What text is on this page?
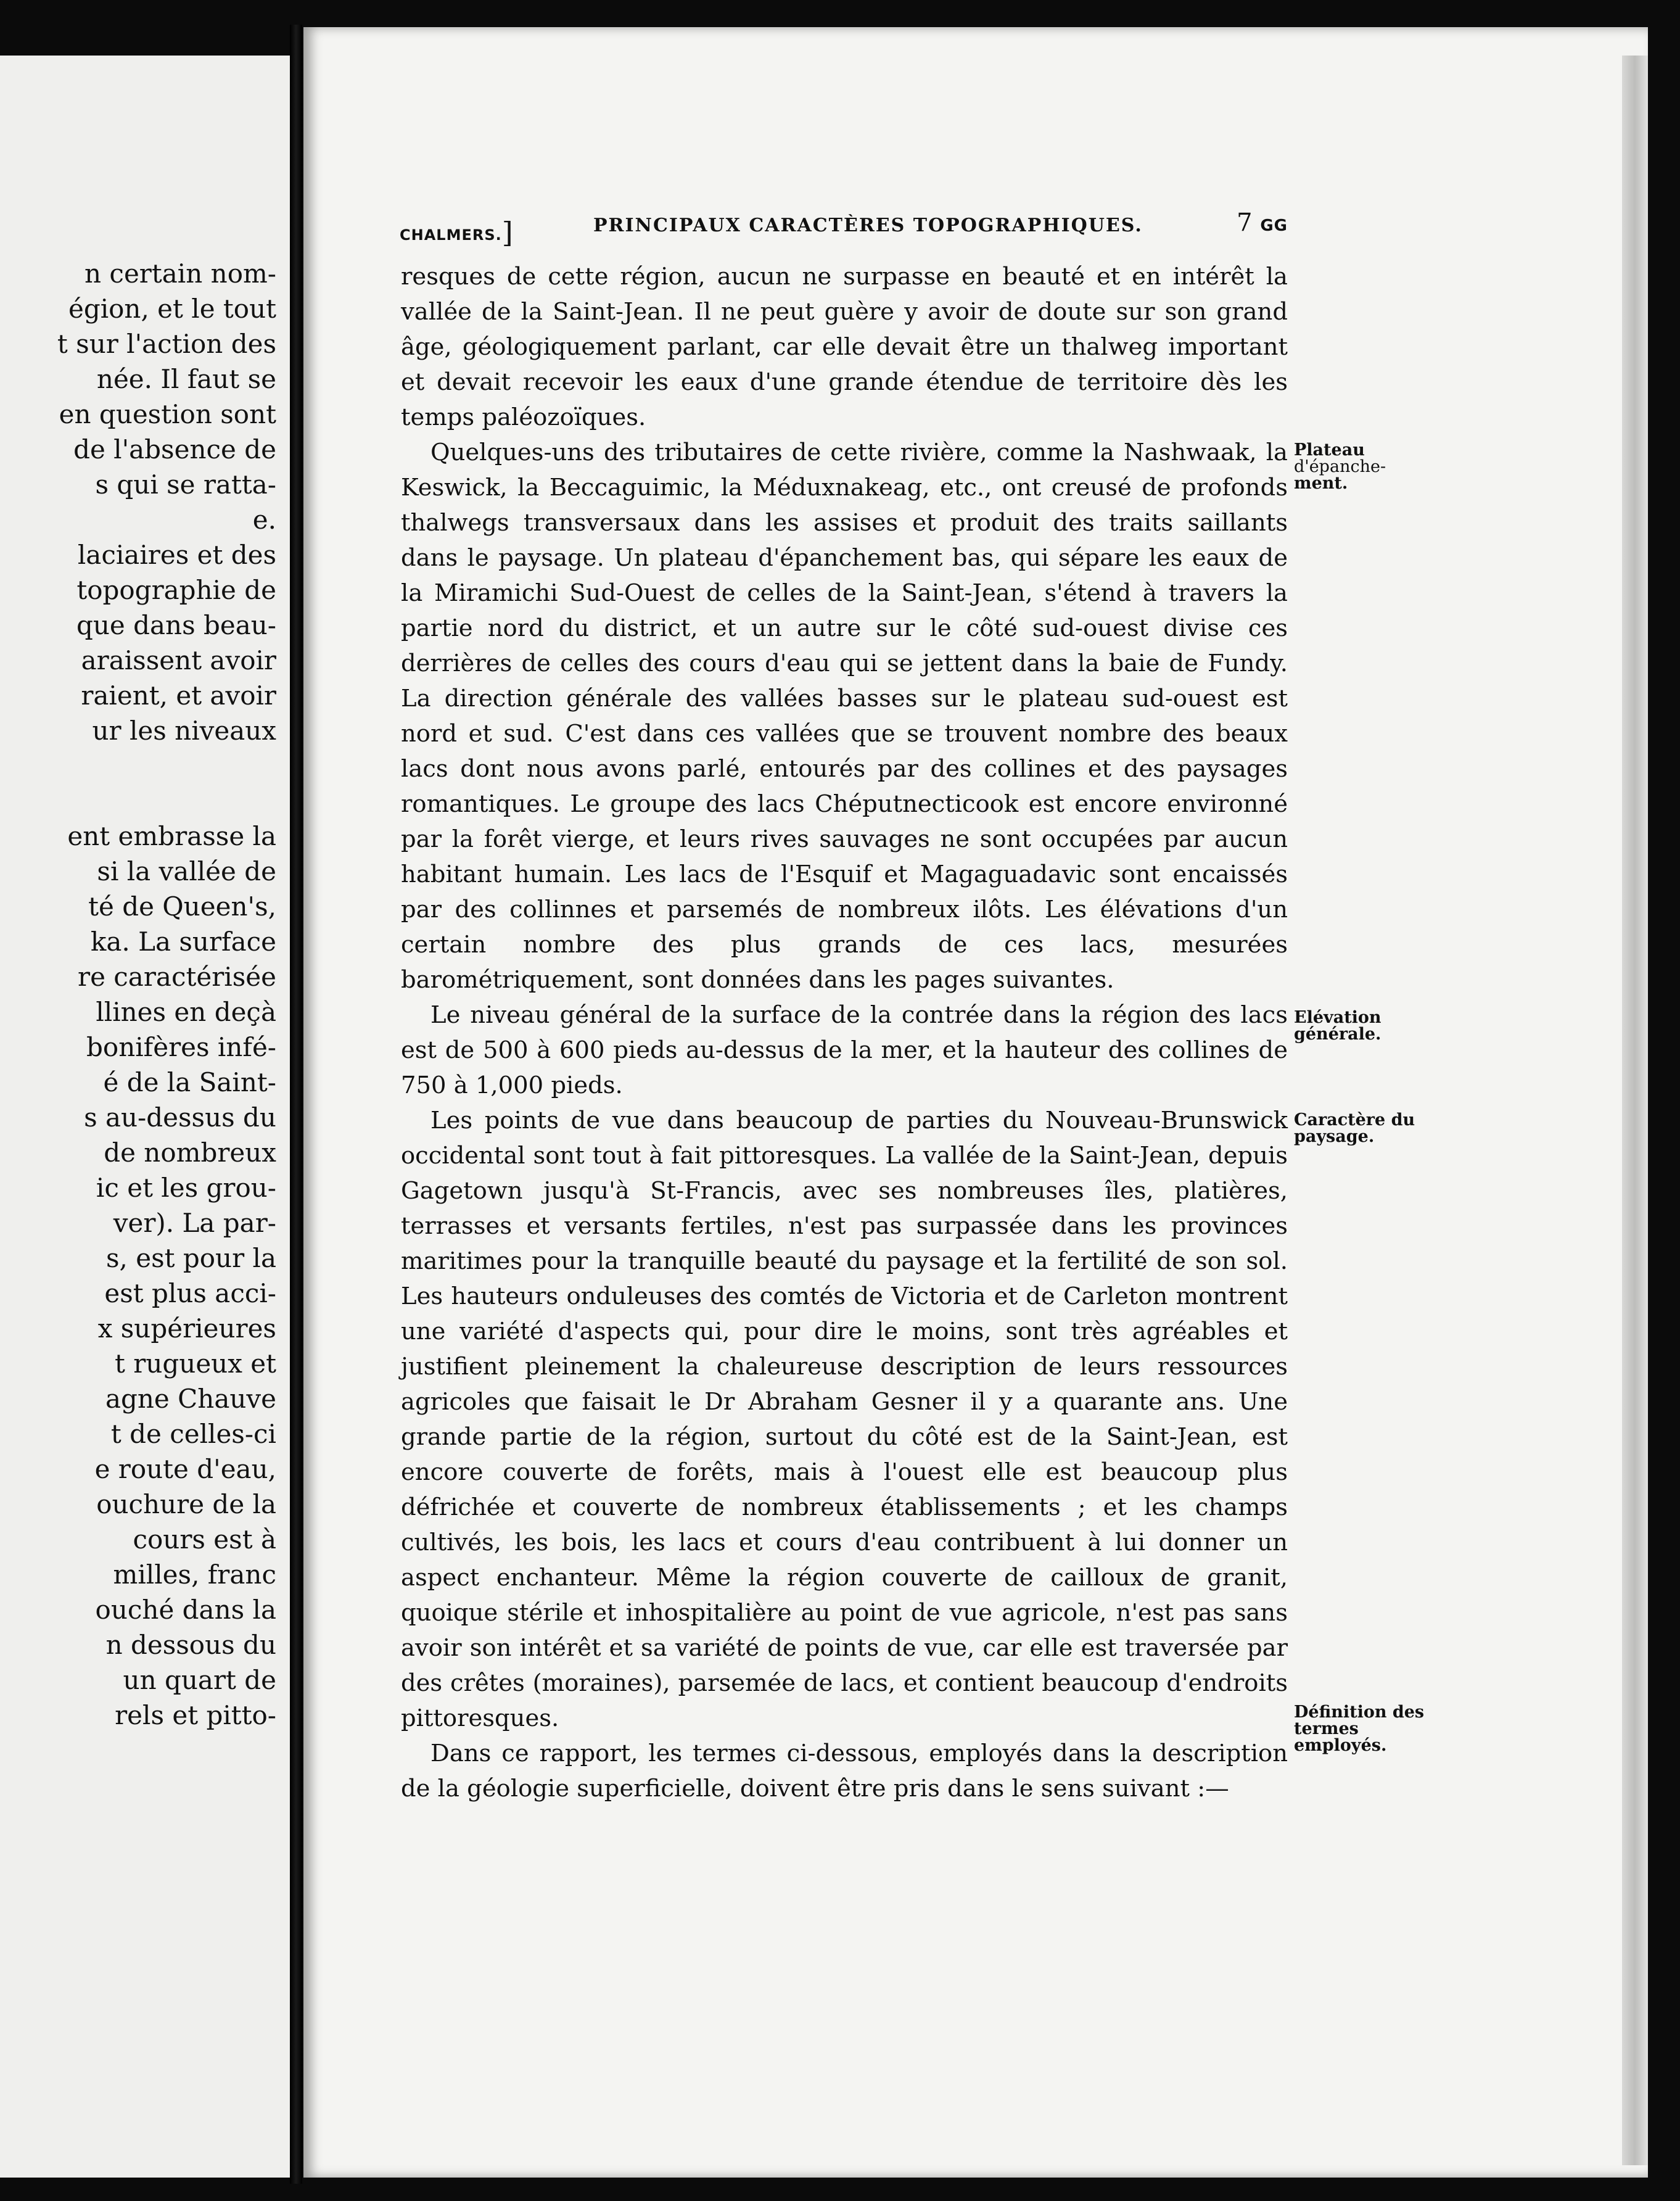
n certain nom-
égion, et le tout
t sur l'action des
née. Il faut se
en question sont
de l'absence de
s qui se ratta-
e.
laciaires et des
topographie de
que dans beau-
araissent avoir
raient, et avoir
ur les niveaux
ent embrasse la
si la vallée de
té de Queen's,
ka. La surface
re caractérisée
llines en deçà
bonifères infé-
é de la Saint-
s au-dessus du
de nombreux
ic et les grou-
ver). La par-
s, est pour la
est plus acci-
x supérieures
t rugueux et
agne Chauve
t de celles-ci
e route d'eau,
ouchure de la
cours est à
milles, franc
ouché dans la
n dessous du
un quart de
rels et pitto-
CHALMERS.]	PRINCIPAUX CARACTÈRES TOPOGRAPHIQUES.	7 GG

resques de cette région, aucun ne surpasse en beauté et en intérêt la vallée de la Saint-Jean. Il ne peut guère y avoir de doute sur son grand âge, géologiquement parlant, car elle devait être un thalweg important et devait recevoir les eaux d'une grande étendue de territoire dès les temps paléozoïques.

Quelques-uns des tributaires de cette rivière, comme la Nashwaak, la Keswick, la Beccaguimic, la Méduxnakeag, etc., ont creusé de profonds thalwegs transversaux dans les assises et produit des traits saillants dans le paysage. Un plateau d'épanchement bas, qui sépare les eaux de la Miramichi Sud-Ouest de celles de la Saint-Jean, s'étend à travers la partie nord du district, et un autre sur le côté sud-ouest divise ces derrières de celles des cours d'eau qui se jettent dans la baie de Fundy. La direction générale des vallées basses sur le plateau sud-ouest est nord et sud. C'est dans ces vallées que se trouvent nombre des beaux lacs dont nous avons parlé, entourés par des collines et des paysages romantiques. Le groupe des lacs Chéputnecticook est encore environné par la forêt vierge, et leurs rives sauvages ne sont occupées par aucun habitant humain. Les lacs de l'Esquif et Magaguadavic sont encaissés par des collinnes et parsemés de nombreux ilôts. Les élévations d'un certain nombre des plus grands de ces lacs, mesurées barométriquement, sont données dans les pages suivantes.

Le niveau général de la surface de la contrée dans la région des lacs est de 500 à 600 pieds au-dessus de la mer, et la hauteur des collines de 750 à 1,000 pieds.

Les points de vue dans beaucoup de parties du Nouveau-Brunswick occidental sont tout à fait pittoresques. La vallée de la Saint-Jean, depuis Gagetown jusqu'à St-Francis, avec ses nombreuses îles, platières, terrasses et versants fertiles, n'est pas surpassée dans les provinces maritimes pour la tranquille beauté du paysage et la fertilité de son sol. Les hauteurs onduleuses des comtés de Victoria et de Carleton montrent une variété d'aspects qui, pour dire le moins, sont très agréables et justifient pleinement la chaleureuse description de leurs ressources agricoles que faisait le Dr Abraham Gesner il y a quarante ans. Une grande partie de la région, surtout du côté est de la Saint-Jean, est encore couverte de forêts, mais à l'ouest elle est beaucoup plus défrichée et couverte de nombreux établissements ; et les champs cultivés, les bois, les lacs et cours d'eau contribuent à lui donner un aspect enchanteur. Même la région couverte de cailloux de granit, quoique stérile et inhospitalière au point de vue agricole, n'est pas sans avoir son intérêt et sa variété de points de vue, car elle est traversée par des crêtes (moraines), parsemée de lacs, et contient beaucoup d'endroits pittoresques.

Dans ce rapport, les termes ci-dessous, employés dans la description de la géologie superficielle, doivent être pris dans le sens suivant :—

Plateau
d'épanche-
ment.
Elévation
générale.
Caractère du
paysage.
Définition des
termes
employés.
